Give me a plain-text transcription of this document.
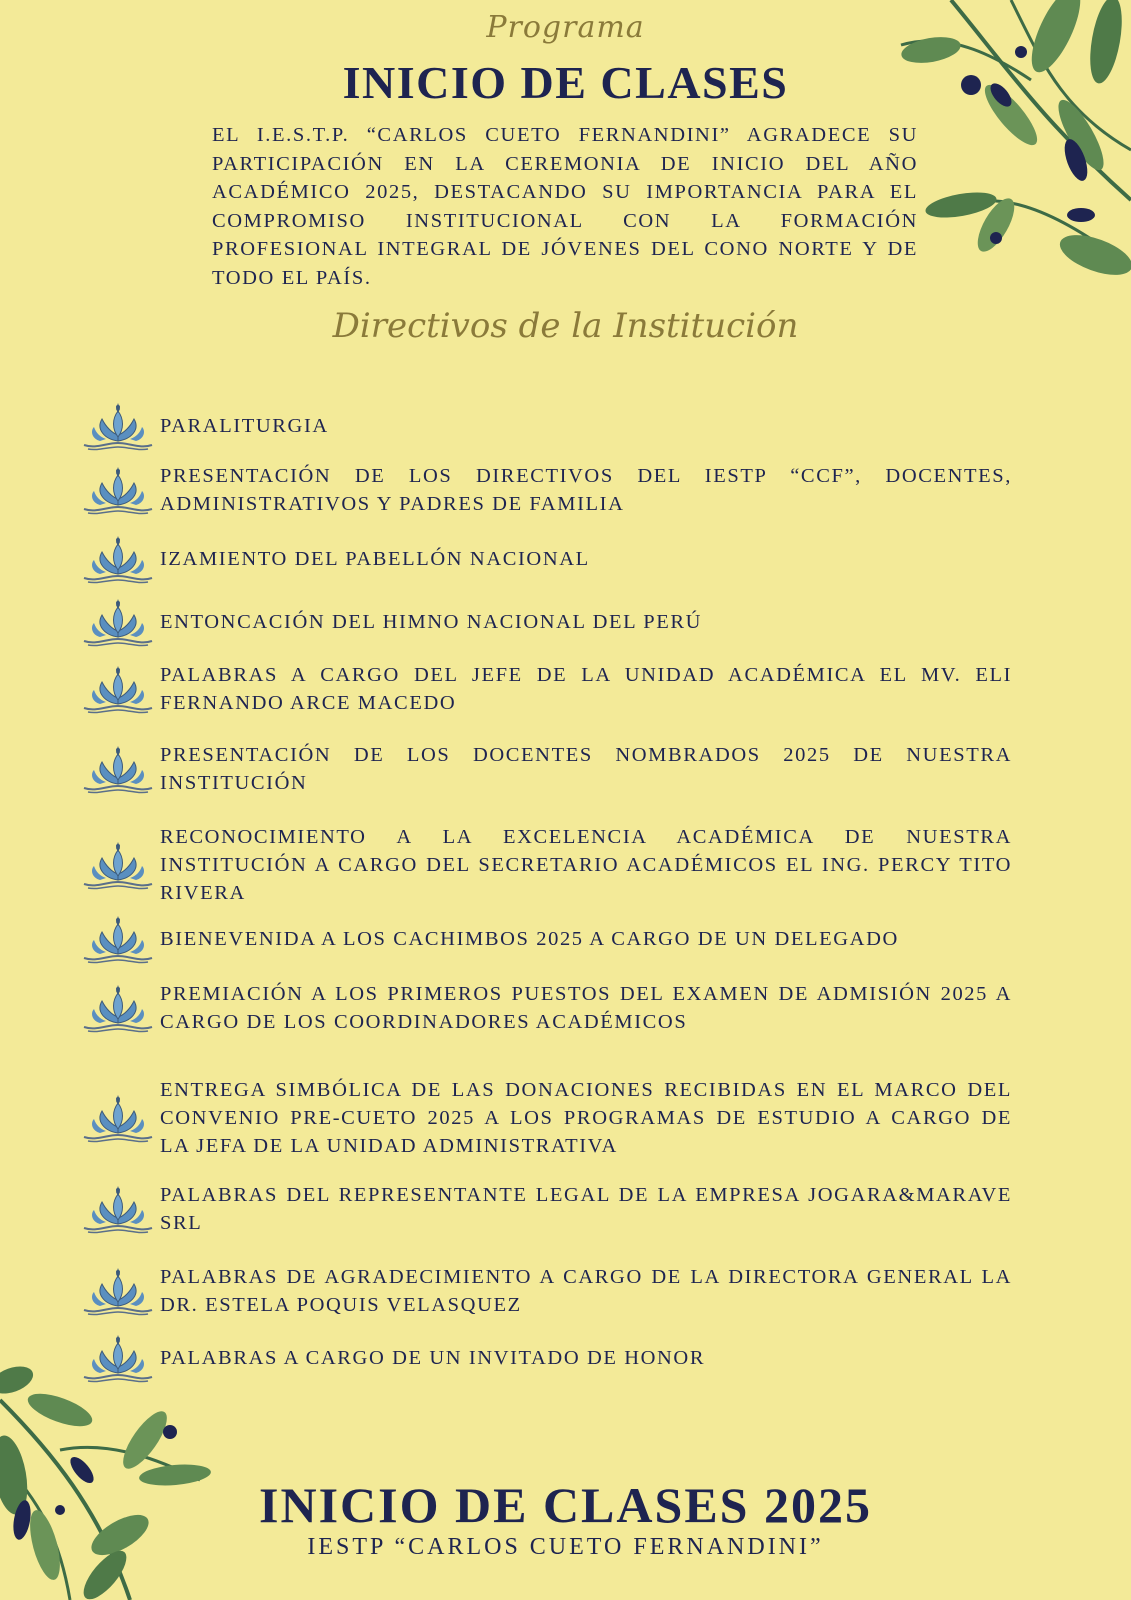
Programa
INICIO DE CLASES
EL I.E.S.T.P. “CARLOS CUETO FERNANDINI” AGRADECE SU PARTICIPACIÓN EN LA CEREMONIA DE INICIO DEL AÑO ACADÉMICO 2025, DESTACANDO SU IMPORTANCIA PARA EL COMPROMISO INSTITUCIONAL CON LA FORMACIÓN PROFESIONAL INTEGRAL DE JÓVENES DEL CONO NORTE Y DE TODO EL PAÍS.
Directivos de la Institución
PARALITURGIA
PRESENTACIÓN DE LOS DIRECTIVOS DEL IESTP “CCF”, DOCENTES, ADMINISTRATIVOS Y PADRES DE FAMILIA
IZAMIENTO DEL PABELLÓN NACIONAL
ENTONCACIÓN DEL HIMNO NACIONAL DEL PERÚ
PALABRAS A CARGO DEL JEFE DE LA UNIDAD ACADÉMICA EL MV. ELI FERNANDO ARCE MACEDO
PRESENTACIÓN DE LOS DOCENTES NOMBRADOS 2025 DE NUESTRA INSTITUCIÓN
RECONOCIMIENTO A LA EXCELENCIA ACADÉMICA DE NUESTRA INSTITUCIÓN A CARGO DEL SECRETARIO ACADÉMICOS EL ING. PERCY TITO RIVERA
BIENEVENIDA A LOS CACHIMBOS 2025 A CARGO DE UN DELEGADO
PREMIACIÓN A LOS PRIMEROS PUESTOS DEL EXAMEN DE ADMISIÓN 2025 A CARGO DE LOS COORDINADORES ACADÉMICOS
ENTREGA SIMBÓLICA DE LAS DONACIONES RECIBIDAS EN EL MARCO DEL CONVENIO PRE-CUETO 2025 A LOS PROGRAMAS DE ESTUDIO A CARGO DE LA JEFA DE LA UNIDAD ADMINISTRATIVA
PALABRAS DEL REPRESENTANTE LEGAL DE LA EMPRESA JOGARA&MARAVE SRL
PALABRAS DE AGRADECIMIENTO A CARGO DE LA DIRECTORA GENERAL LA DR. ESTELA POQUIS VELASQUEZ
PALABRAS A CARGO DE UN INVITADO DE HONOR
INICIO DE CLASES 2025
IESTP “CARLOS CUETO FERNANDINI”
